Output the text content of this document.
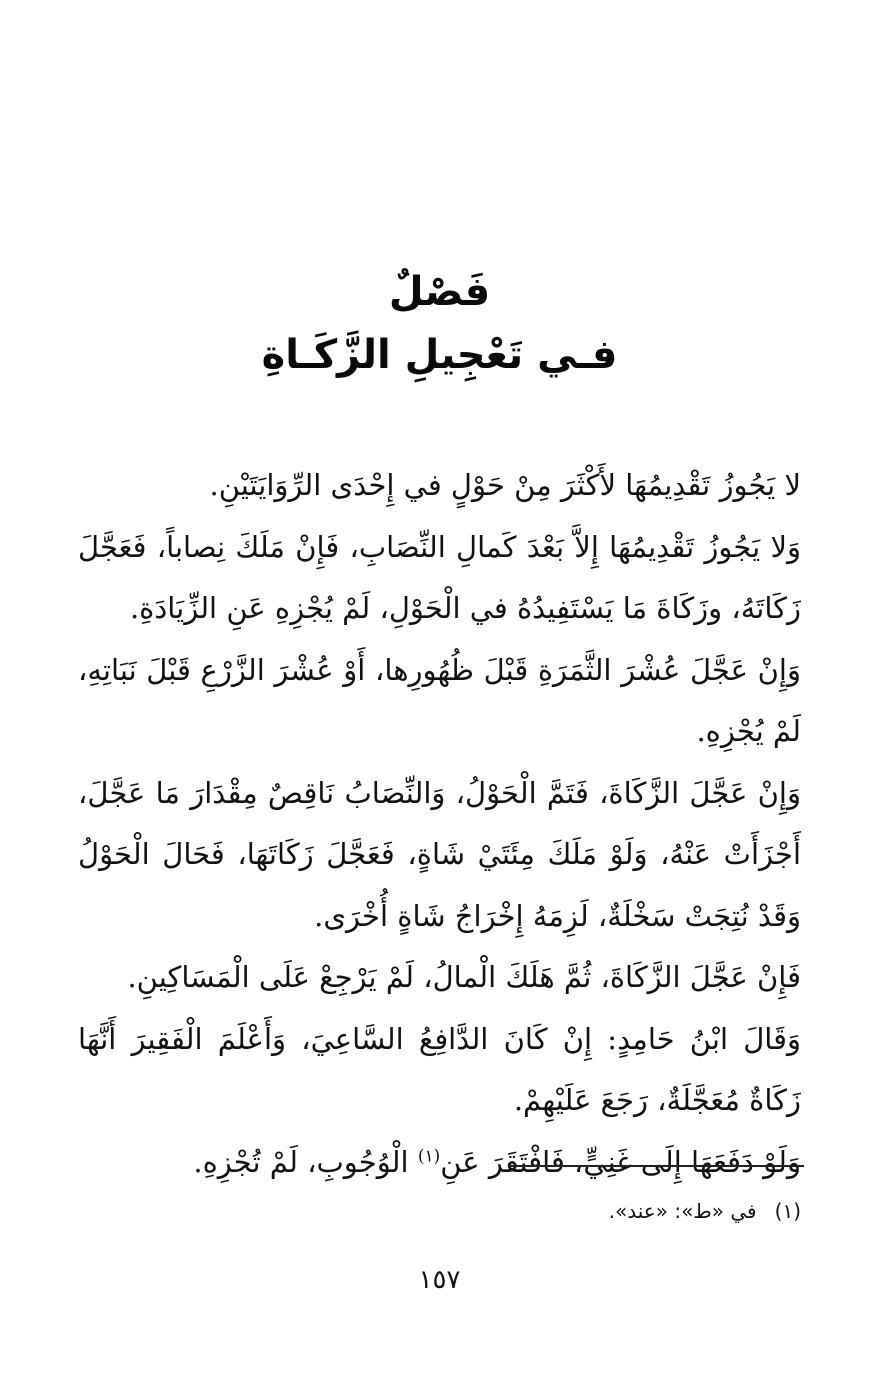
فَصْلٌ
فـي تَعْجِيلِ الزَّكَـاةِ

لا يَجُوزُ تَقْدِيمُهَا لأَكْثَرَ مِنْ حَوْلٍ في إِحْدَى الرِّوَايَتَيْنِ.

وَلا يَجُوزُ تَقْدِيمُهَا إِلاَّ بَعْدَ كَمالِ النِّصَابِ، فَإِنْ مَلَكَ نِصاباً، فَعَجَّلَ زَكَاتَهُ، وزَكَاةَ مَا يَسْتَفِيدُهُ في الْحَوْلِ، لَمْ يُجْزِهِ عَنِ الزِّيَادَةِ.

وَإِنْ عَجَّلَ عُشْرَ الثَّمَرَةِ قَبْلَ ظُهُورِها، أَوْ عُشْرَ الزَّرْعِ قَبْلَ نَبَاتِهِ، لَمْ يُجْزِهِ.

وَإِنْ عَجَّلَ الزَّكَاةَ، فَتَمَّ الْحَوْلُ، وَالنِّصَابُ نَاقِصٌ مِقْدَارَ مَا عَجَّلَ، أَجْزَأَتْ عَنْهُ، وَلَوْ مَلَكَ مِئَتَيْ شَاةٍ، فَعَجَّلَ زَكَاتَهَا، فَحَالَ الْحَوْلُ وَقَدْ نُتِجَتْ سَخْلَةٌ، لَزِمَهُ إِخْرَاجُ شَاةٍ أُخْرَى.

فَإِنْ عَجَّلَ الزَّكَاةَ، ثُمَّ هَلَكَ الْمالُ، لَمْ يَرْجِعْ عَلَى الْمَسَاكِينِ.

وَقَالَ ابْنُ حَامِدٍ: إِنْ كَانَ الدَّافِعُ السَّاعِيَ، وَأَعْلَمَ الْفَقِيرَ أَنَّهَا زَكَاةٌ مُعَجَّلَةٌ، رَجَعَ عَلَيْهِمْ.

وَلَوْ دَفَعَهَا إِلَى غَنِيٍّ، فَافْتَقَرَ عَنِ$^{(١)}$ الْوُجُوبِ، لَمْ تُجْزِهِ.

(١)في «ط»: «عند».
١٥٧
